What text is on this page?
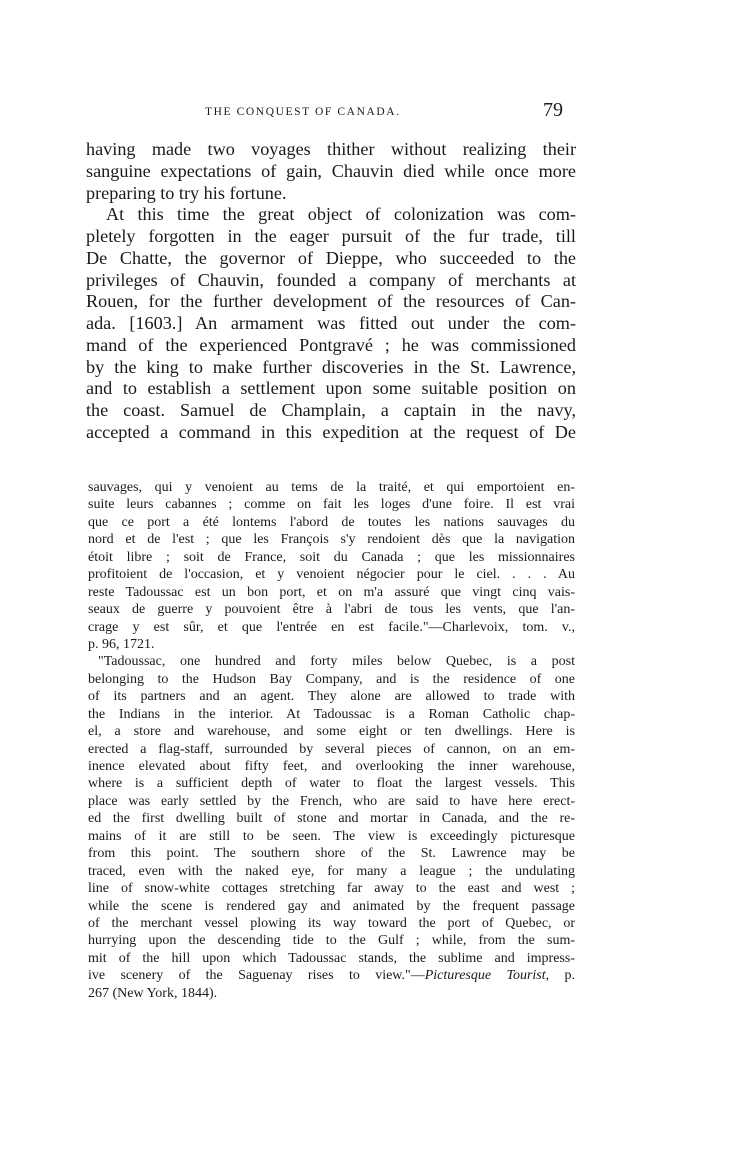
THE CONQUEST OF CANADA.	79
having made two voyages thither without realizing their
sanguine expectations of gain, Chauvin died while once more
preparing to try his fortune.
At this time the great object of colonization was com-
pletely forgotten in the eager pursuit of the fur trade, till
De Chatte, the governor of Dieppe, who succeeded to the
privileges of Chauvin, founded a company of merchants at
Rouen, for the further development of the resources of Can-
ada. [1603.] An armament was fitted out under the com-
mand of the experienced Pontgravé ; he was commissioned
by the king to make further discoveries in the St. Lawrence,
and to establish a settlement upon some suitable position on
the coast. Samuel de Champlain, a captain in the navy,
accepted a command in this expedition at the request of De
sauvages, qui y venoient au tems de la traité, et qui emportoient en-
suite leurs cabannes ; comme on fait les loges d'une foire. Il est vrai
que ce port a été lontems l'abord de toutes les nations sauvages du
nord et de l'est ; que les François s'y rendoient dès que la navigation
étoit libre ; soit de France, soit du Canada ; que les missionnaires
profitoient de l'occasion, et y venoient négocier pour le ciel. . . . Au
reste Tadoussac est un bon port, et on m'a assuré que vingt cinq vais-
seaux de guerre y pouvoient être à l'abri de tous les vents, que l'an-
crage y est sûr, et que l'entrée en est facile."—Charlevoix, tom. v.,
p. 96, 1721.
"Tadoussac, one hundred and forty miles below Quebec, is a post
belonging to the Hudson Bay Company, and is the residence of one
of its partners and an agent. They alone are allowed to trade with
the Indians in the interior. At Tadoussac is a Roman Catholic chap-
el, a store and warehouse, and some eight or ten dwellings. Here is
erected a flag-staff, surrounded by several pieces of cannon, on an em-
inence elevated about fifty feet, and overlooking the inner warehouse,
where is a sufficient depth of water to float the largest vessels. This
place was early settled by the French, who are said to have here erect-
ed the first dwelling built of stone and mortar in Canada, and the re-
mains of it are still to be seen. The view is exceedingly picturesque
from this point. The southern shore of the St. Lawrence may be
traced, even with the naked eye, for many a league ; the undulating
line of snow-white cottages stretching far away to the east and west ;
while the scene is rendered gay and animated by the frequent passage
of the merchant vessel plowing its way toward the port of Quebec, or
hurrying upon the descending tide to the Gulf ; while, from the sum-
mit of the hill upon which Tadoussac stands, the sublime and impress-
ive scenery of the Saguenay rises to view."—Picturesque Tourist, p.
267 (New York, 1844).
